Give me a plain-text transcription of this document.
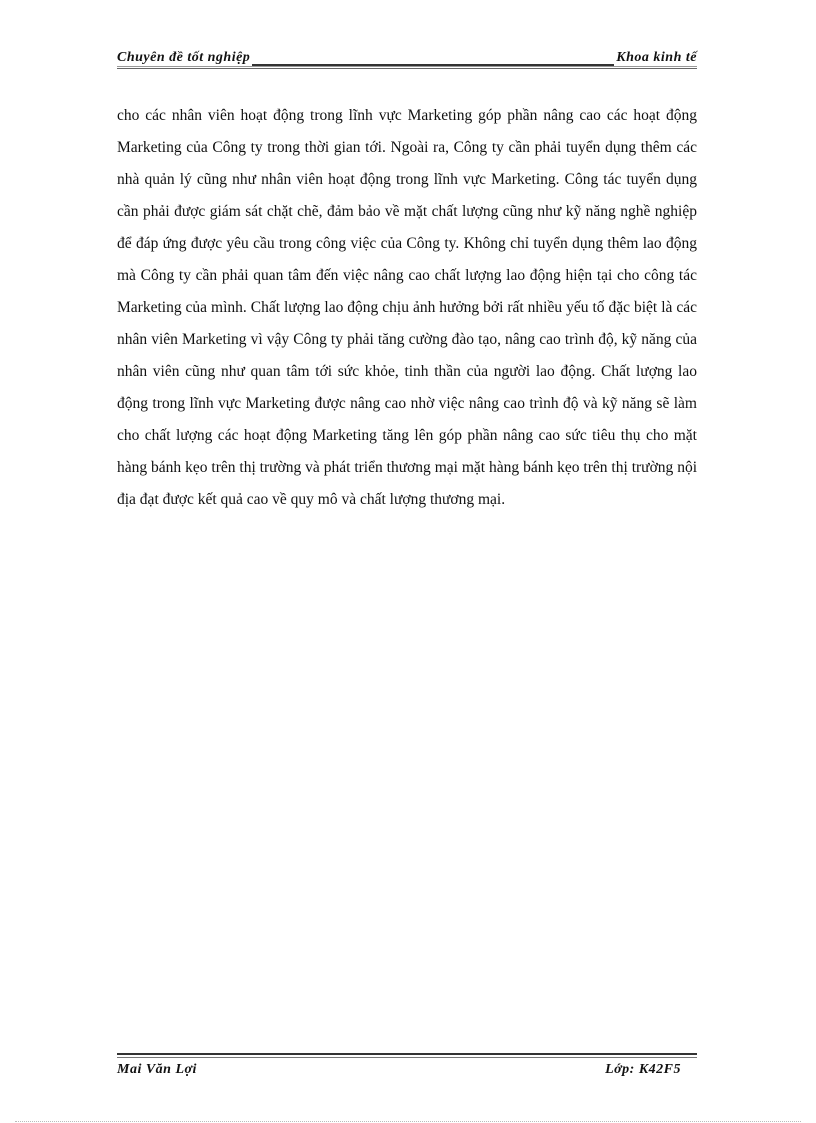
Chuyên đề tốt nghiệp	Khoa kinh tế

cho các nhân viên hoạt động trong lĩnh vực Marketing góp phần nâng cao các hoạt động Marketing của Công ty trong thời gian tới. Ngoài ra, Công ty cần phải tuyển dụng thêm các nhà quản lý cũng như nhân viên hoạt động trong lĩnh vực Marketing. Công tác tuyển dụng cần phải được giám sát chặt chẽ, đảm bảo về mặt chất lượng cũng như kỹ năng nghề nghiệp để đáp ứng được yêu cầu trong công việc của Công ty. Không chỉ tuyển dụng thêm lao động mà Công ty cần phải quan tâm đến việc nâng cao chất lượng lao động hiện tại cho công tác Marketing của mình. Chất lượng lao động chịu ảnh hưởng bởi rất nhiều yếu tố đặc biệt là các nhân viên Marketing vì vậy Công ty phải tăng cường đào tạo, nâng cao trình độ, kỹ năng của nhân viên cũng như quan tâm tới sức khỏe, tinh thần của người lao động. Chất lượng lao động trong lĩnh vực Marketing được nâng cao nhờ việc nâng cao trình độ và kỹ năng sẽ làm cho chất lượng các hoạt động Marketing tăng lên góp phần nâng cao sức tiêu thụ cho mặt hàng bánh kẹo trên thị trường và phát triển thương mại mặt hàng bánh kẹo trên thị trường nội địa đạt được kết quả cao về quy mô và chất lượng thương mại.

Mai Văn Lợi	Lớp: K42F5
